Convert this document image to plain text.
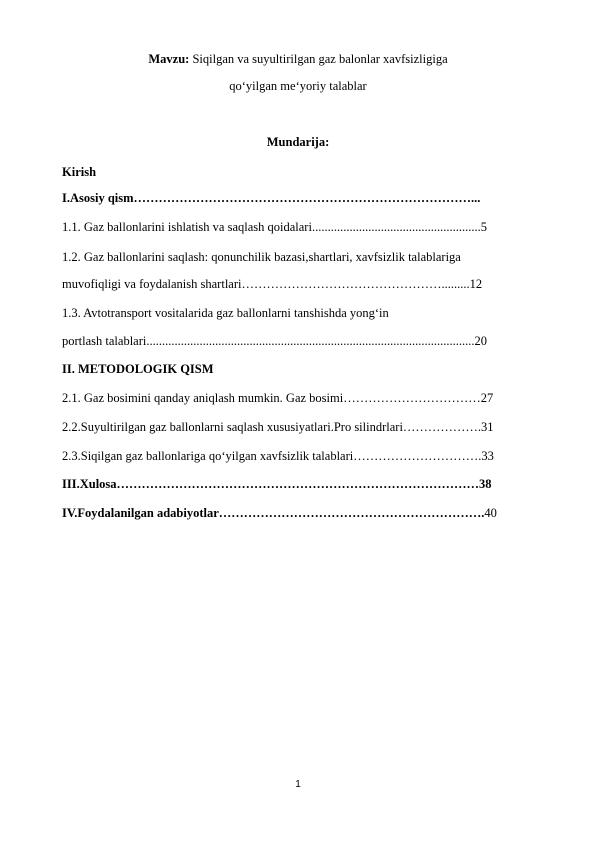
Mavzu: Siqilgan va suyultirilgan gaz balonlar xavfsizligiga
qo‘yilgan me‘yoriy talablar
Mundarija:
Kirish
I.Asosiy qism………………………………………………………………………...
1.1. Gaz ballonlarini ishlatish va saqlash qoidalari......................................................5
1.2. Gaz ballonlarini saqlash: qonunchilik bazasi,shartlari, xavfsizlik talablariga
muvofiqligi va foydalanish shartlari………………………………………….........12
1.3. Avtotransport vositalarida gaz ballonlarni tanshishda yong‘in
portlash talablari.........................................................................................................20
II. METODOLOGIK QISM
2.1. Gaz bosimini qanday aniqlash mumkin. Gaz bosimi……………………………27
2.2.Suyultirilgan gaz ballonlarni saqlash xususiyatlari.Pro silindrlari……………….31
2.3.Siqilgan gaz ballonlariga qo‘yilgan xavfsizlik talablari………………………….33
III.Xulosa……………………………………………………………………………38
IV.Foydalanilgan adabiyotlar……………………………………………………….40
1
